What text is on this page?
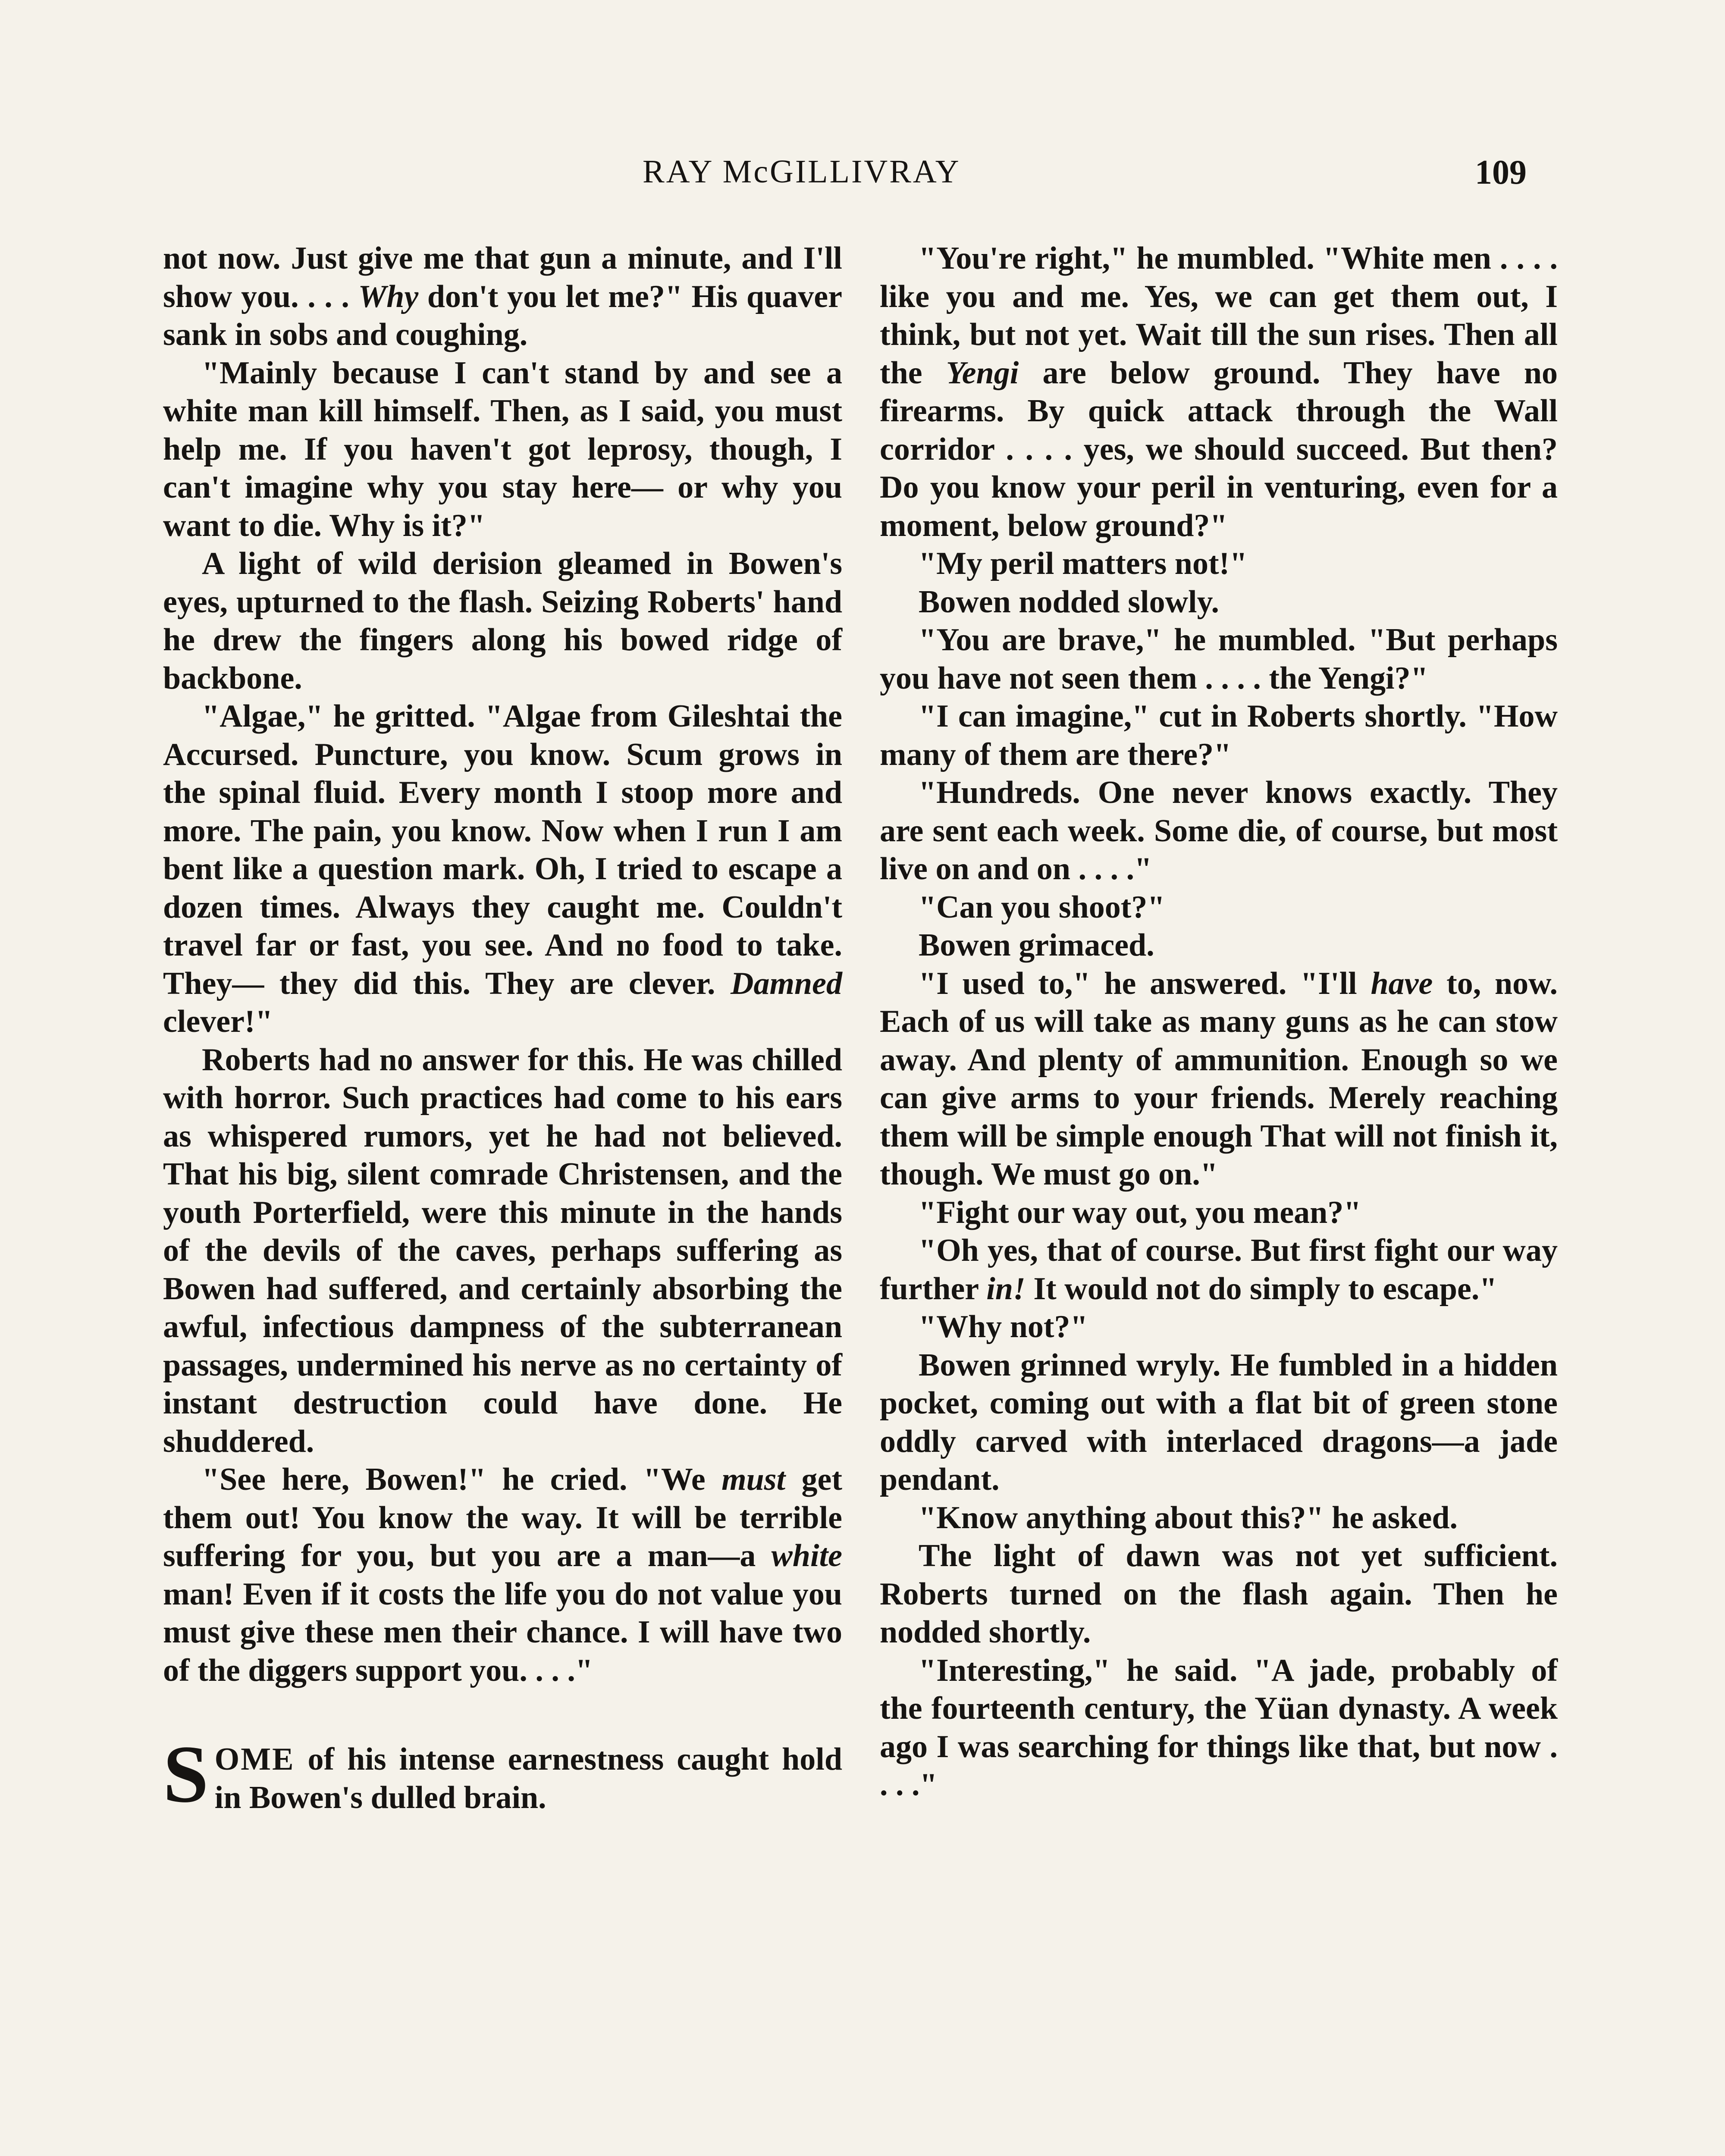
RAY McGILLIVRAY	109

not now. Just give me that gun a minute, and I'll show you. . . . Why don't you let me?" His quaver sank in sobs and coughing.

"Mainly because I can't stand by and see a white man kill himself. Then, as I said, you must help me. If you haven't got leprosy, though, I can't imagine why you stay here— or why you want to die. Why is it?"

A light of wild derision gleamed in Bowen's eyes, upturned to the flash. Seizing Roberts' hand he drew the fingers along his bowed ridge of backbone.

"Algae," he gritted. "Algae from Gileshtai the Accursed. Puncture, you know. Scum grows in the spinal fluid. Every month I stoop more and more. The pain, you know. Now when I run I am bent like a question mark. Oh, I tried to escape a dozen times. Always they caught me. Couldn't travel far or fast, you see. And no food to take. They— they did this. They are clever. Damned clever!"

Roberts had no answer for this. He was chilled with horror. Such practices had come to his ears as whispered rumors, yet he had not believed. That his big, silent comrade Christensen, and the youth Porterfield, were this minute in the hands of the devils of the caves, perhaps suffering as Bowen had suffered, and certainly absorbing the awful, infectious dampness of the subterranean passages, undermined his nerve as no certainty of instant destruction could have done. He shuddered.

"See here, Bowen!" he cried. "We must get them out! You know the way. It will be terrible suffering for you, but you are a man—a white man! Even if it costs the life you do not value you must give these men their chance. I will have two of the diggers support you. . . ."

SOME of his intense earnestness caught hold in Bowen's dulled brain.

"You're right," he mumbled. "White men . . . . like you and me. Yes, we can get them out, I think, but not yet. Wait till the sun rises. Then all the Yengi are below ground. They have no firearms. By quick attack through the Wall corridor . . . . yes, we should succeed. But then? Do you know your peril in venturing, even for a moment, below ground?"

"My peril matters not!"

Bowen nodded slowly.

"You are brave," he mumbled. "But perhaps you have not seen them . . . . the Yengi?"

"I can imagine," cut in Roberts shortly. "How many of them are there?"

"Hundreds. One never knows exactly. They are sent each week. Some die, of course, but most live on and on . . . ."

"Can you shoot?"

Bowen grimaced.

"I used to," he answered. "I'll have to, now. Each of us will take as many guns as he can stow away. And plenty of ammunition. Enough so we can give arms to your friends. Merely reaching them will be simple enough That will not finish it, though. We must go on."

"Fight our way out, you mean?"

"Oh yes, that of course. But first fight our way further in! It would not do simply to escape."

"Why not?"

Bowen grinned wryly. He fumbled in a hidden pocket, coming out with a flat bit of green stone oddly carved with interlaced dragons—a jade pendant.

"Know anything about this?" he asked.

The light of dawn was not yet sufficient. Roberts turned on the flash again. Then he nodded shortly.

"Interesting," he said. "A jade, probably of the fourteenth century, the Yüan dynasty. A week ago I was searching for things like that, but now . . . ."
